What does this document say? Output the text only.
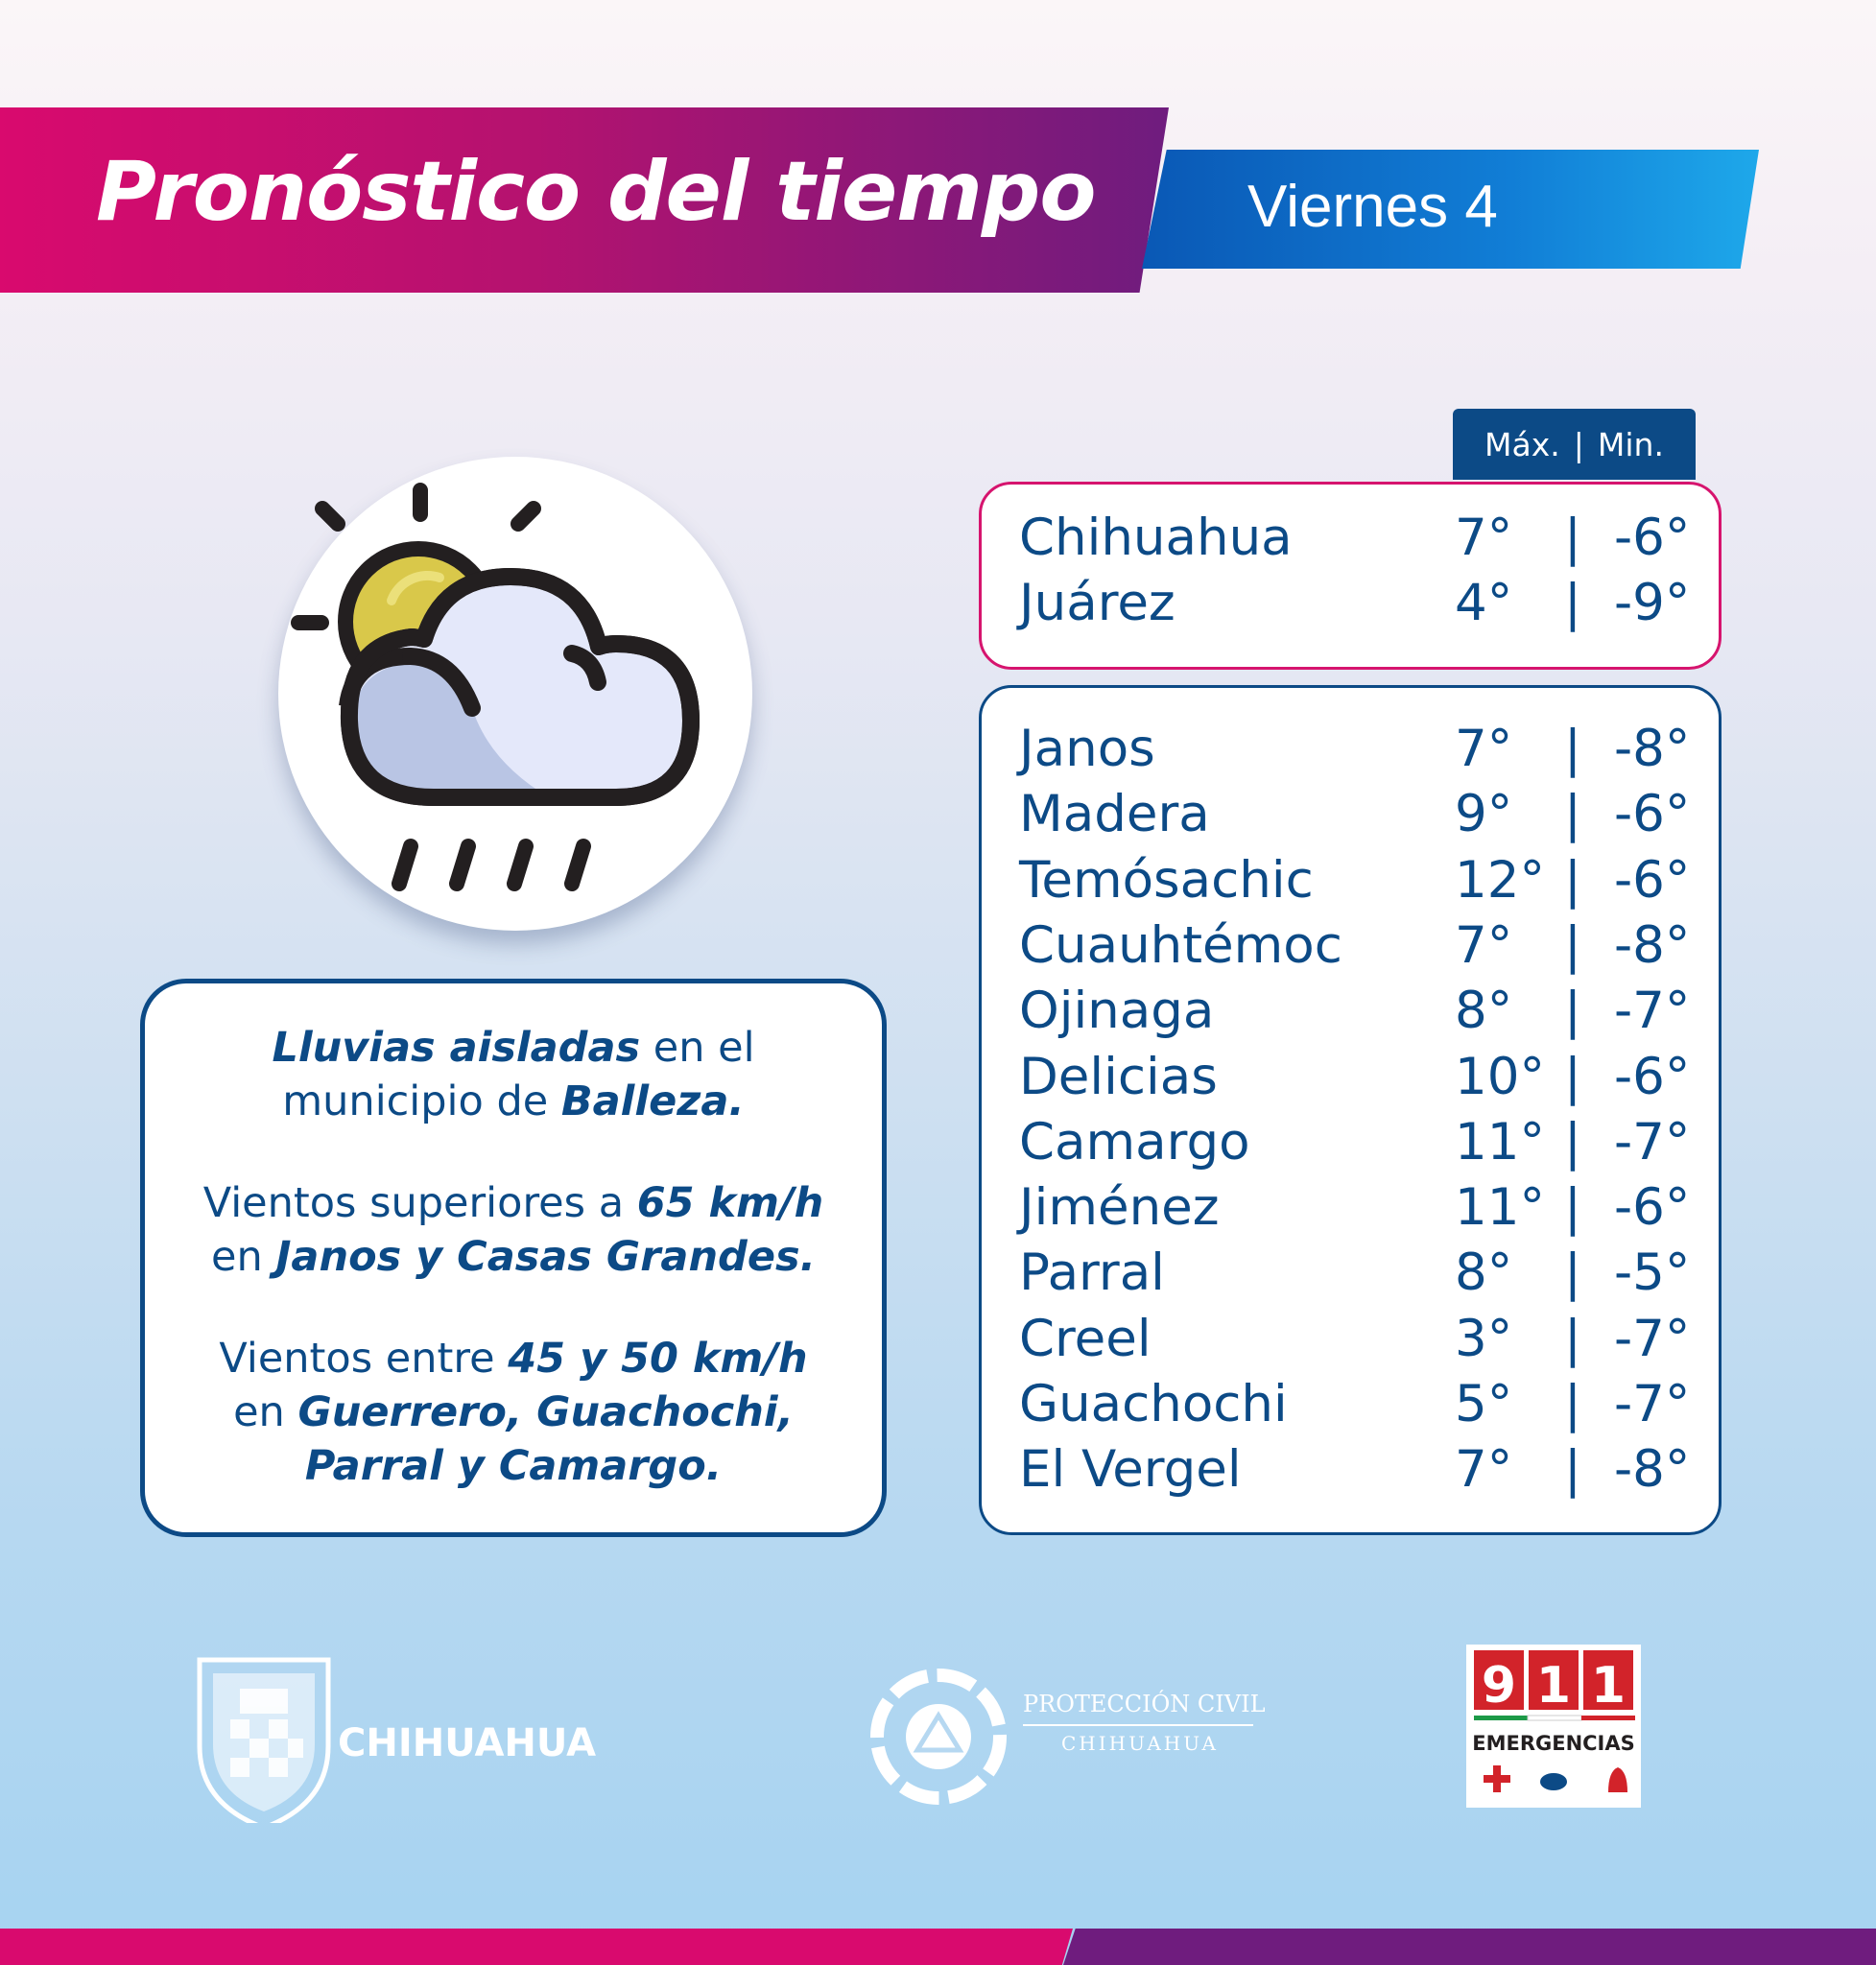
Pronóstico del tiempo	Viernes 4
Lluvias aisladas en el
municipio de Balleza.
Vientos superiores a 65 km/h
en Janos y Casas Grandes.
Vientos entre 45 y 50 km/h
en Guerrero, Guachochi,
Parral y Camargo.
Máx. | Min.
Chihuahua	7° | -6°
Juárez	4° | -9°
Janos	7° | -8°
Madera	9° | -6°
Temósachic	12° | -6°
Cuauhtémoc 7° | -8°
Ojinaga	8° | -7°
Delicias	10° | -6°
Camargo	11° | -7°
Jiménez	11° | -6°
Parral	8° | -5°
Creel	3° | -7°
Guachochi	5° | -7°
El Vergel	7° | -8°
CHIHUAHUA
PROTECCIÓN CIVIL
CHIHUAHUA
9 1 1
EMERGENCIAS
